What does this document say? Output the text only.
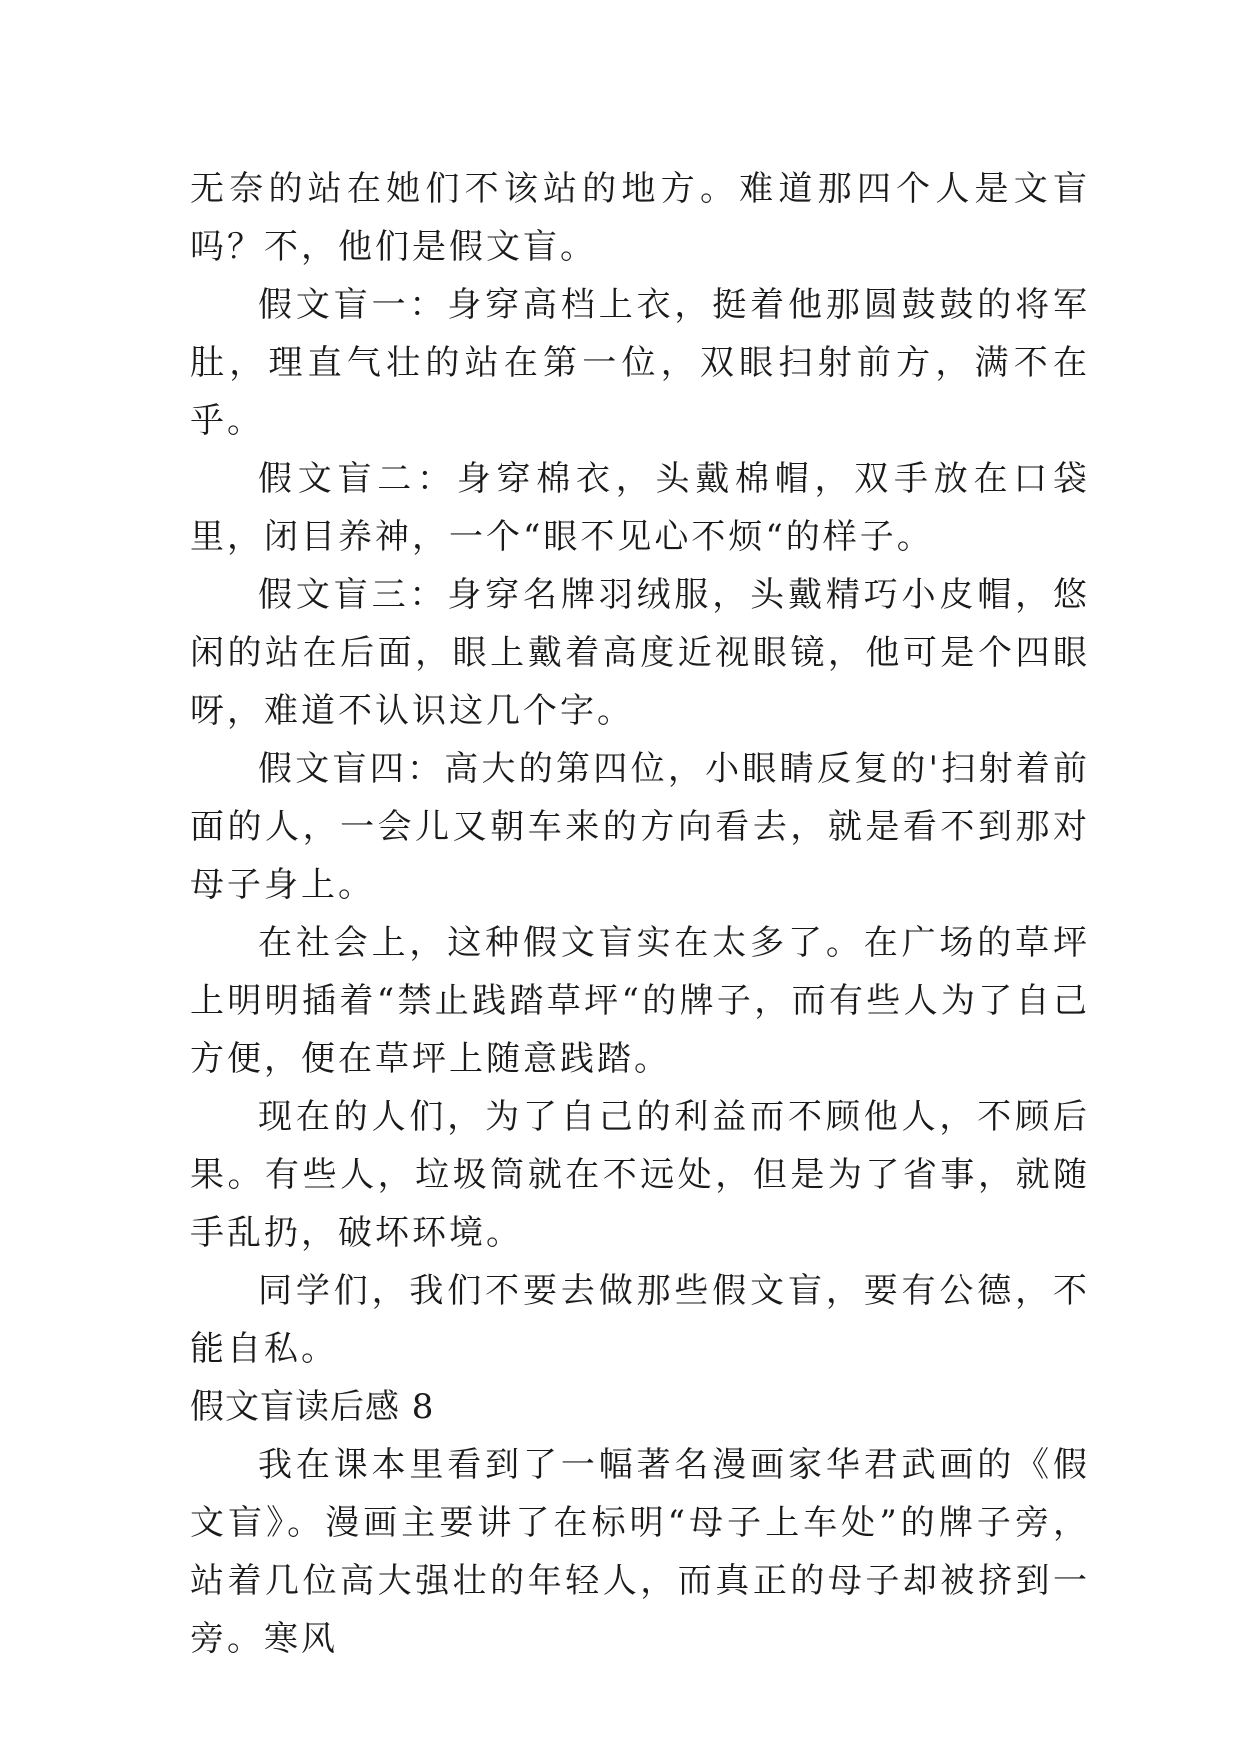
无奈的站在她们不该站的地方。难道那四个人是文盲吗？不，他们是假文盲。

假文盲一：身穿高档上衣，挺着他那圆鼓鼓的将军肚，理直气壮的站在第一位，双眼扫射前方，满不在乎。

假文盲二：身穿棉衣，头戴棉帽，双手放在口袋里，闭目养神，一个“眼不见心不烦“的样子。

假文盲三：身穿名牌羽绒服，头戴精巧小皮帽，悠闲的站在后面，眼上戴着高度近视眼镜，他可是个四眼呀，难道不认识这几个字。

假文盲四：高大的第四位，小眼睛反复的'扫射着前面的人，一会儿又朝车来的方向看去，就是看不到那对母子身上。

在社会上，这种假文盲实在太多了。在广场的草坪上明明插着“禁止践踏草坪“的牌子，而有些人为了自己方便，便在草坪上随意践踏。

现在的人们，为了自己的利益而不顾他人，不顾后果。有些人，垃圾筒就在不远处，但是为了省事，就随手乱扔，破坏环境。

同学们，我们不要去做那些假文盲，要有公德，不能自私。

假文盲读后感 8

我在课本里看到了一幅著名漫画家华君武画的《假文盲》。漫画主要讲了在标明“母子上车处”的牌子旁，站着几位高大强壮的年轻人，而真正的母子却被挤到一旁。寒风
